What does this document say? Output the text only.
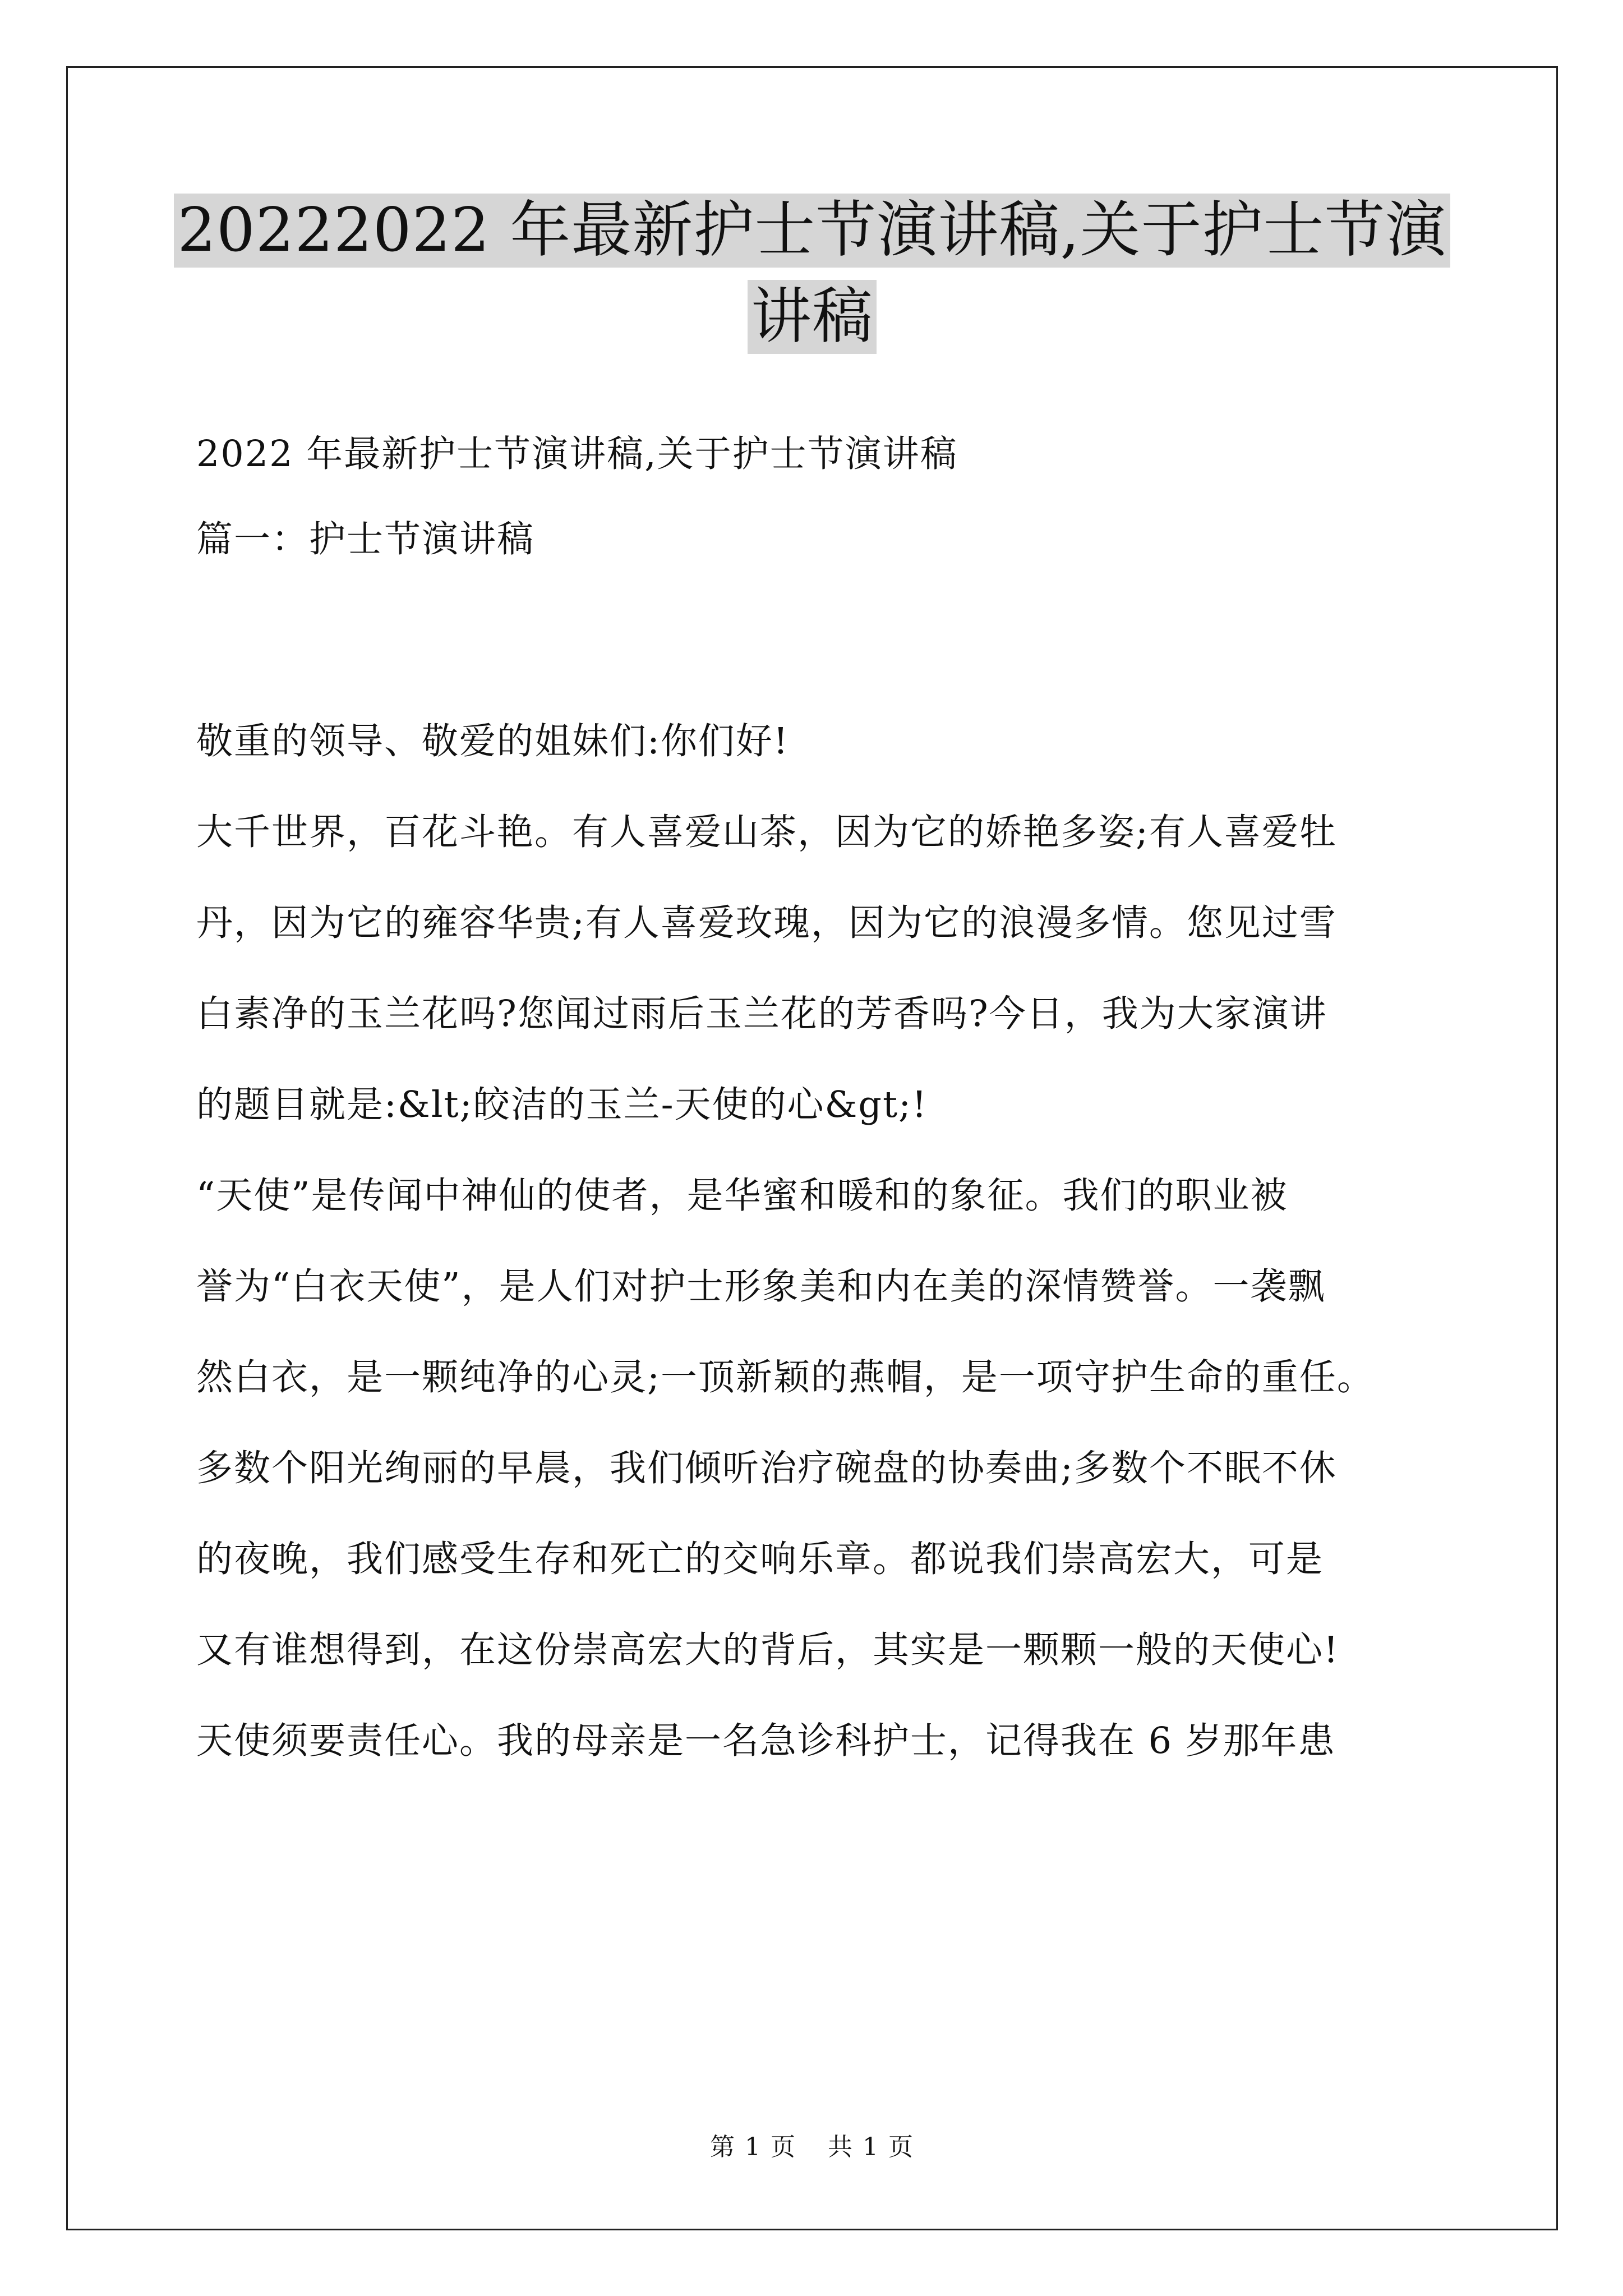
20222022 年最新护士节演讲稿,关于护士节演
讲稿
2022 年最新护士节演讲稿,关于护士节演讲稿
篇一：护士节演讲稿
敬重的领导、敬爱的姐妹们:你们好!
大千世界，百花斗艳。有人喜爱山茶，因为它的娇艳多姿;有人喜爱牡
丹，因为它的雍容华贵;有人喜爱玫瑰，因为它的浪漫多情。您见过雪
白素净的玉兰花吗?您闻过雨后玉兰花的芳香吗?今日，我为大家演讲
的题目就是:&lt;皎洁的玉兰-天使的心&gt;!
“天使”是传闻中神仙的使者，是华蜜和暖和的象征。我们的职业被
誉为“白衣天使”，是人们对护士形象美和内在美的深情赞誉。一袭飘
然白衣，是一颗纯净的心灵;一顶新颖的燕帽，是一项守护生命的重任。
多数个阳光绚丽的早晨，我们倾听治疗碗盘的协奏曲;多数个不眠不休
的夜晚，我们感受生存和死亡的交响乐章。都说我们崇高宏大，可是
又有谁想得到，在这份崇高宏大的背后，其实是一颗颗一般的天使心!
天使须要责任心。我的母亲是一名急诊科护士，记得我在 6 岁那年患
第 1 页 共 1 页
